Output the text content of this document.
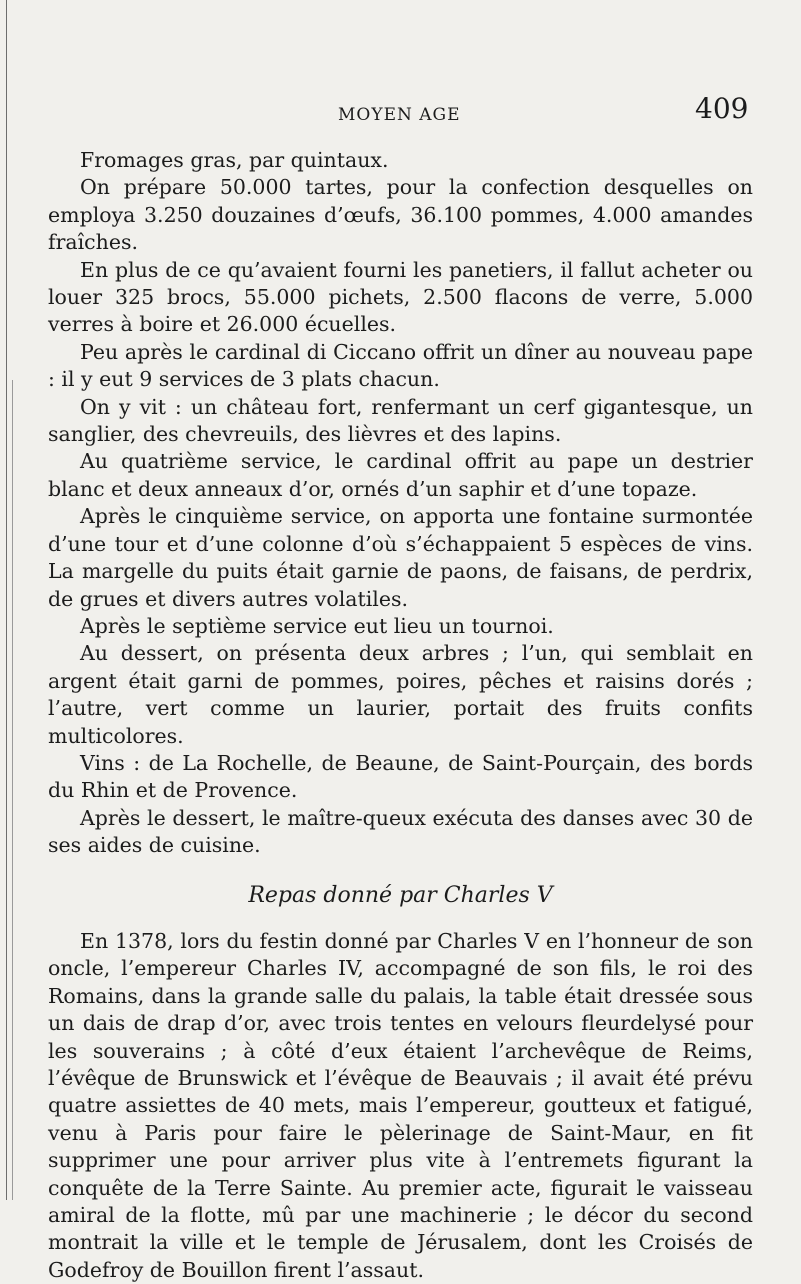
MOYEN AGE	409

Fromages gras, par quintaux.

On prépare 50.000 tartes, pour la confection desquelles on employa 3.250 douzaines d’œufs, 36.100 pommes, 4.000 amandes fraîches.

En plus de ce qu’avaient fourni les panetiers, il fallut acheter ou louer 325 brocs, 55.000 pichets, 2.500 flacons de verre, 5.000 verres à boire et 26.000 écuelles.

Peu après le cardinal di Ciccano offrit un dîner au nouveau pape : il y eut 9 services de 3 plats chacun.

On y vit : un château fort, renfermant un cerf gigantesque, un sanglier, des chevreuils, des lièvres et des lapins.

Au quatrième service, le cardinal offrit au pape un destrier blanc et deux anneaux d’or, ornés d’un saphir et d’une topaze.

Après le cinquième service, on apporta une fontaine surmontée d’une tour et d’une colonne d’où s’échappaient 5 espèces de vins. La margelle du puits était garnie de paons, de faisans, de perdrix, de grues et divers autres volatiles.

Après le septième service eut lieu un tournoi.

Au dessert, on présenta deux arbres ; l’un, qui semblait en argent était garni de pommes, poires, pêches et raisins dorés ; l’autre, vert comme un laurier, portait des fruits confits multicolores.

Vins : de La Rochelle, de Beaune, de Saint-Pourçain, des bords du Rhin et de Provence.

Après le dessert, le maître-queux exécuta des danses avec 30 de ses aides de cuisine.

Repas donné par Charles V

En 1378, lors du festin donné par Charles V en l’honneur de son oncle, l’empereur Charles IV, accompagné de son fils, le roi des Romains, dans la grande salle du palais, la table était dressée sous un dais de drap d’or, avec trois tentes en velours fleurdelysé pour les souverains ; à côté d’eux étaient l’archevêque de Reims, l’évêque de Brunswick et l’évêque de Beauvais ; il avait été prévu quatre assiettes de 40 mets, mais l’empereur, goutteux et fatigué, venu à Paris pour faire le pèlerinage de Saint-Maur, en fit supprimer une pour arriver plus vite à l’entremets figurant la conquête de la Terre Sainte. Au premier acte, figurait le vaisseau amiral de la flotte, mû par une machinerie ; le décor du second montrait la ville et le temple de Jérusalem, dont les Croisés de Godefroy de Bouillon firent l’assaut.
